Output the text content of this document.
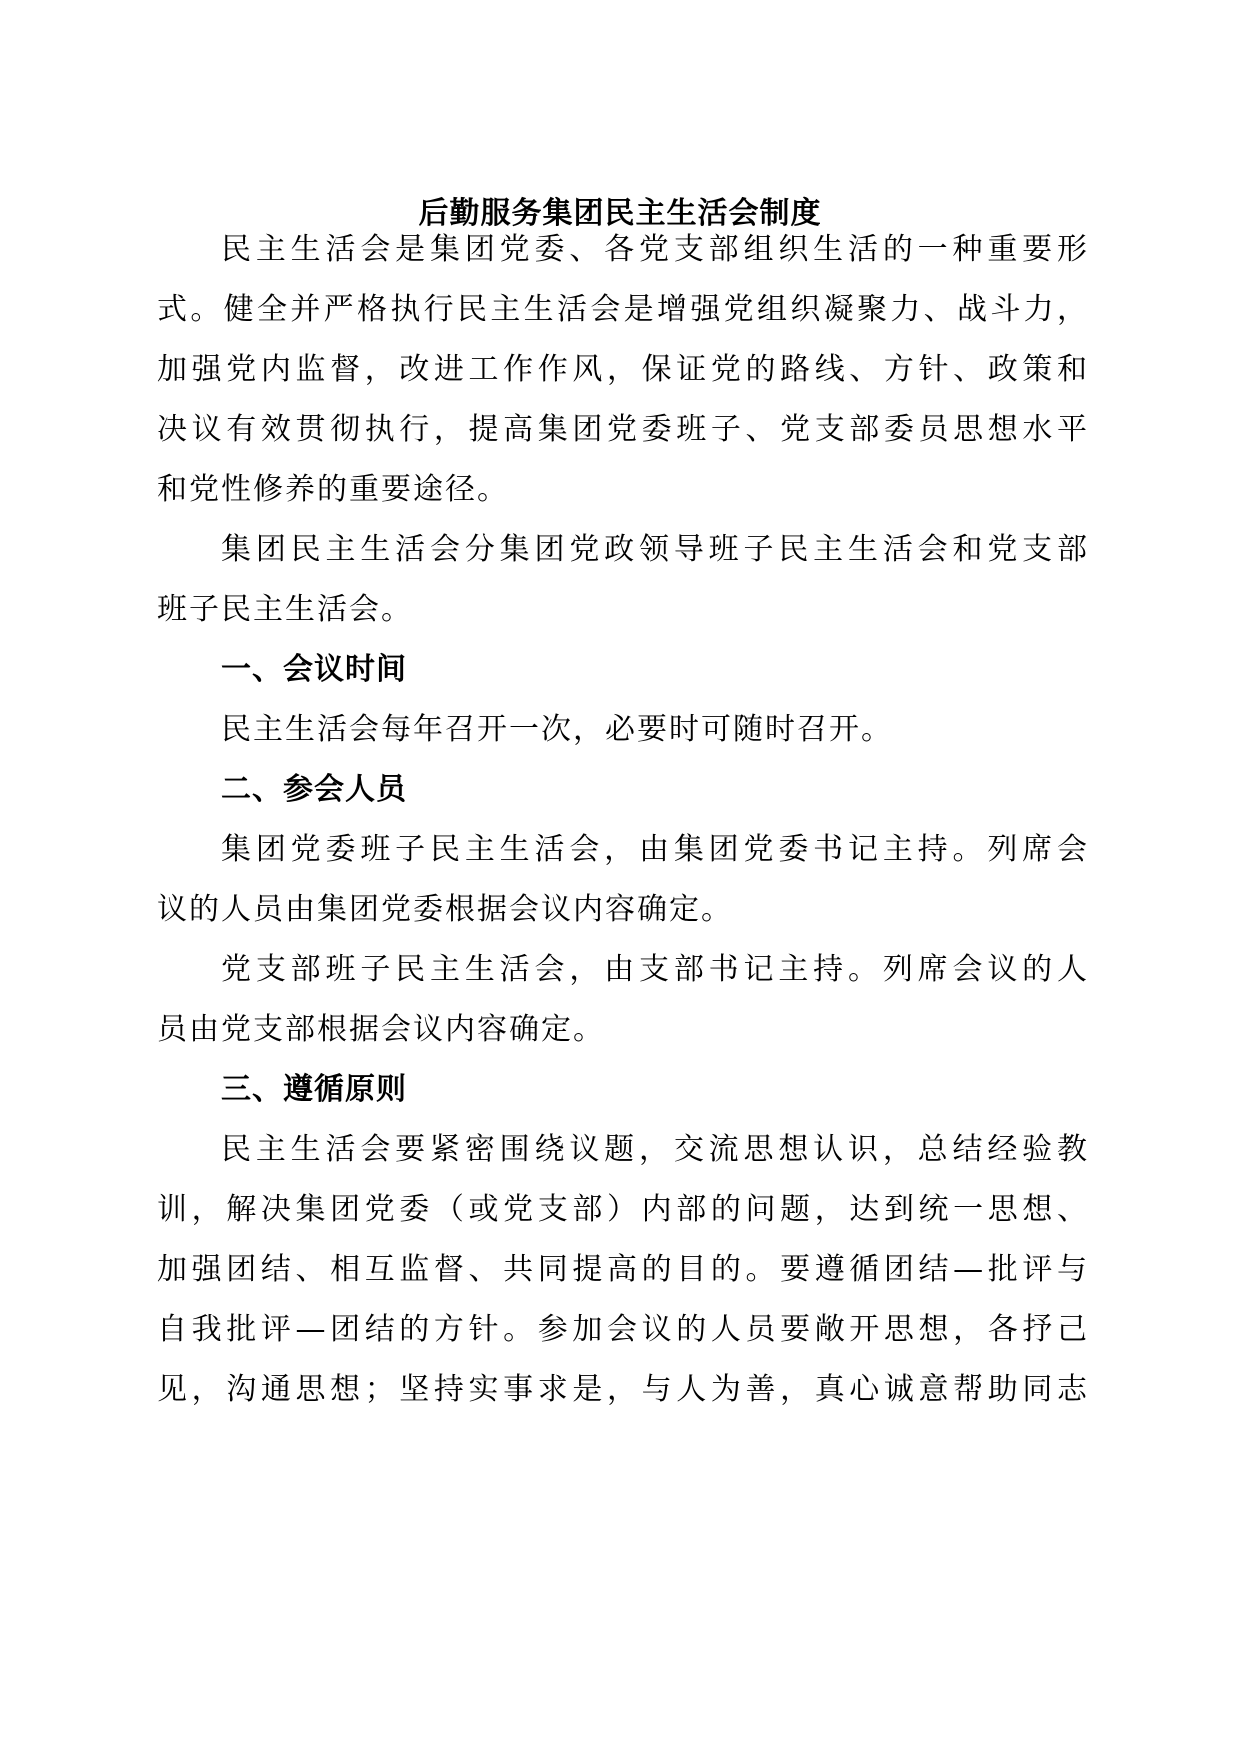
后勤服务集团民主生活会制度
民主生活会是集团党委、各党支部组织生活的一种重要形
式。健全并严格执行民主生活会是增强党组织凝聚力、战斗力，
加强党内监督，改进工作作风，保证党的路线、方针、政策和
决议有效贯彻执行，提高集团党委班子、党支部委员思想水平
和党性修养的重要途径。
集团民主生活会分集团党政领导班子民主生活会和党支部
班子民主生活会。
一、会议时间
民主生活会每年召开一次，必要时可随时召开。
二、参会人员
集团党委班子民主生活会，由集团党委书记主持。列席会
议的人员由集团党委根据会议内容确定。
党支部班子民主生活会，由支部书记主持。列席会议的人
员由党支部根据会议内容确定。
三、遵循原则
民主生活会要紧密围绕议题，交流思想认识，总结经验教
训，解决集团党委（或党支部）内部的问题，达到统一思想、
加强团结、相互监督、共同提高的目的。要遵循团结—批评与
自我批评—团结的方针。参加会议的人员要敞开思想，各抒己
见，沟通思想；坚持实事求是，与人为善，真心诚意帮助同志
